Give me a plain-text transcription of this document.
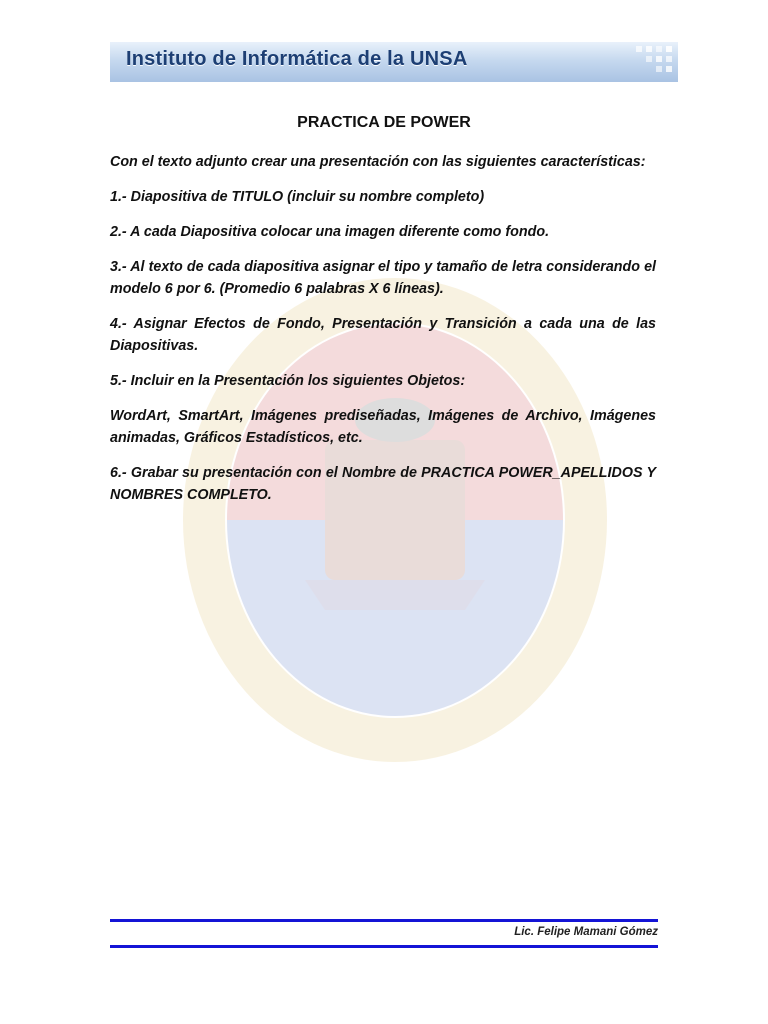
Instituto de Informática de la UNSA
PRACTICA DE POWER

Con el texto adjunto crear una presentación con las siguientes características:

1.- Diapositiva de TITULO (incluir su nombre completo)

2.- A cada Diapositiva colocar una imagen diferente como fondo.

3.- Al texto de cada diapositiva asignar el tipo y tamaño de letra considerando el modelo 6 por 6. (Promedio 6 palabras X 6 líneas).

4.- Asignar Efectos de Fondo, Presentación y Transición a cada una de las Diapositivas.

5.- Incluir en la Presentación los siguientes Objetos:

WordArt, SmartArt, Imágenes prediseñadas, Imágenes de Archivo, Imágenes animadas, Gráficos Estadísticos, etc.

6.- Grabar su presentación con el Nombre de PRACTICA POWER_APELLIDOS Y NOMBRES COMPLETO.

Lic. Felipe Mamani Gómez
